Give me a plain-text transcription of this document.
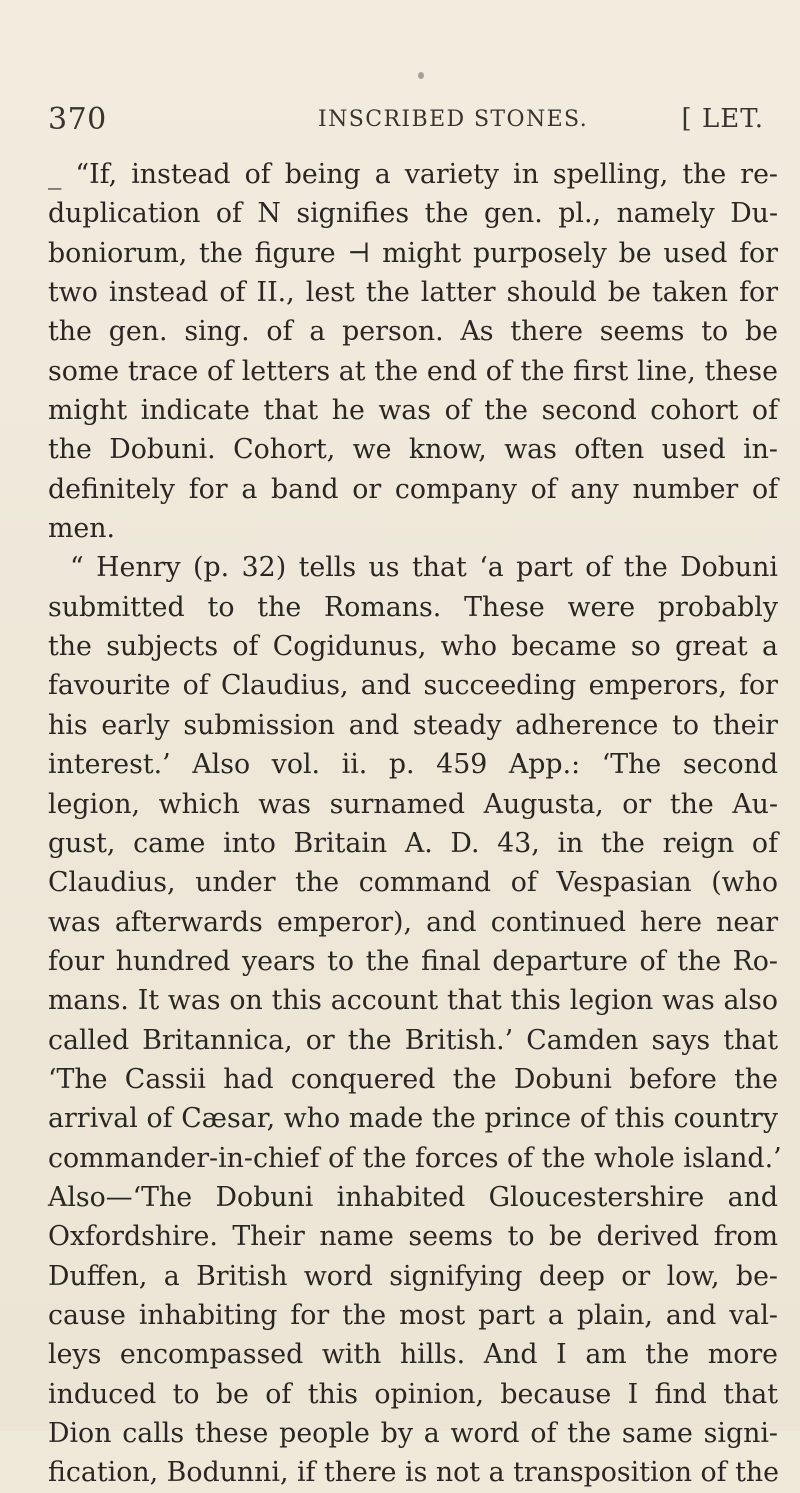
370	INSCRIBED STONES.	[ LET.
_ “If, instead of being a variety in spelling, the re-
duplication of N signifies the gen. pl., namely Du-
boniorum, the figure ⊣ might purposely be used for
two instead of II., lest the latter should be taken for
the gen. sing. of a person. As there seems to be
some trace of letters at the end of the first line, these
might indicate that he was of the second cohort of
the Dobuni. Cohort, we know, was often used in-
definitely for a band or company of any number of
men.
“ Henry (p. 32) tells us that ‘a part of the Dobuni
submitted to the Romans. These were probably
the subjects of Cogidunus, who became so great a
favourite of Claudius, and succeeding emperors, for
his early submission and steady adherence to their
interest.’ Also vol. ii. p. 459 App.: ‘The second
legion, which was surnamed Augusta, or the Au-
gust, came into Britain A. D. 43, in the reign of
Claudius, under the command of Vespasian (who
was afterwards emperor), and continued here near
four hundred years to the final departure of the Ro-
mans. It was on this account that this legion was also
called Britannica, or the British.’ Camden says that
‘The Cassii had conquered the Dobuni before the
arrival of Cæsar, who made the prince of this country
commander-in-chief of the forces of the whole island.’
Also—‘The Dobuni inhabited Gloucestershire and
Oxfordshire. Their name seems to be derived from
Duffen, a British word signifying deep or low, be-
cause inhabiting for the most part a plain, and val-
leys encompassed with hills. And I am the more
induced to be of this opinion, because I find that
Dion calls these people by a word of the same signi-
fication, Bodunni, if there is not a transposition of the
